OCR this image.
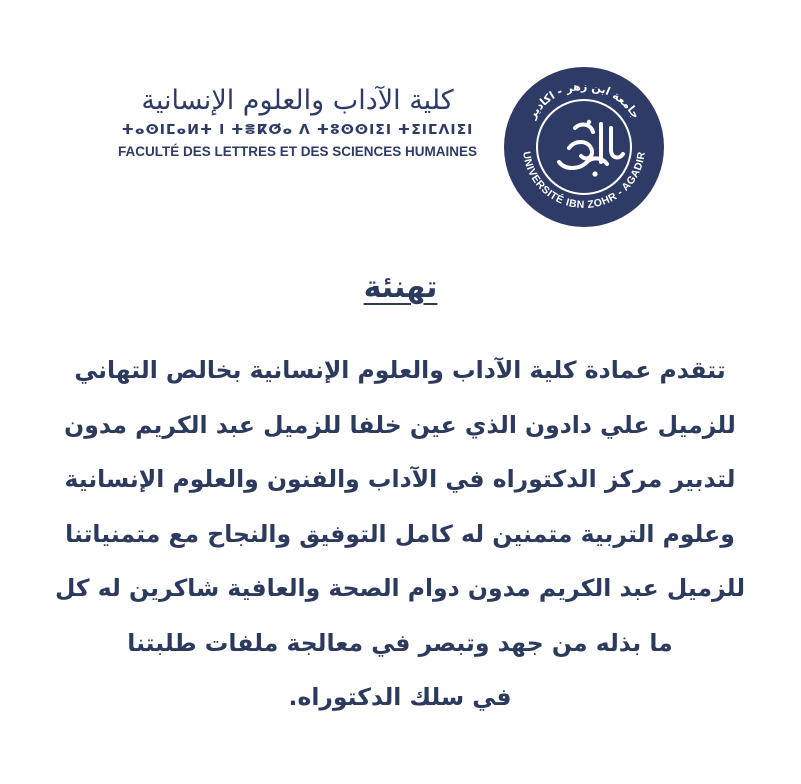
كلية الآداب والعلوم الإنسانية
ⵜⴰⵙⵏⵎⴰⵍⵜ ⵏ ⵜⴻⴽⵚⴰ ⴷ ⵜⵓⵙⵙⵏⵉⵏ ⵜⵉⵏⵎⴷⵏⵉⵏ
FACULTÉ DES LETTRES ET DES SCIENCES HUMAINES
جامعة ابن زهر - اكادير
UNIVERSITÉ IBN ZOHR - AGADIR
تهنئة
تتقدم عمادة كلية الآداب والعلوم الإنسانية بخالص التهاني
للزميل علي دادون الذي عين خلفا للزميل عبد الكريم مدون
لتدبير مركز الدكتوراه في الآداب والفنون والعلوم الإنسانية
وعلوم التربية متمنين له كامل التوفيق والنجاح مع متمنياتنا
للزميل عبد الكريم مدون دوام الصحة والعافية شاكرين له كل
ما بذله من جهد وتبصر في معالجة ملفات طلبتنا
في سلك الدكتوراه.
